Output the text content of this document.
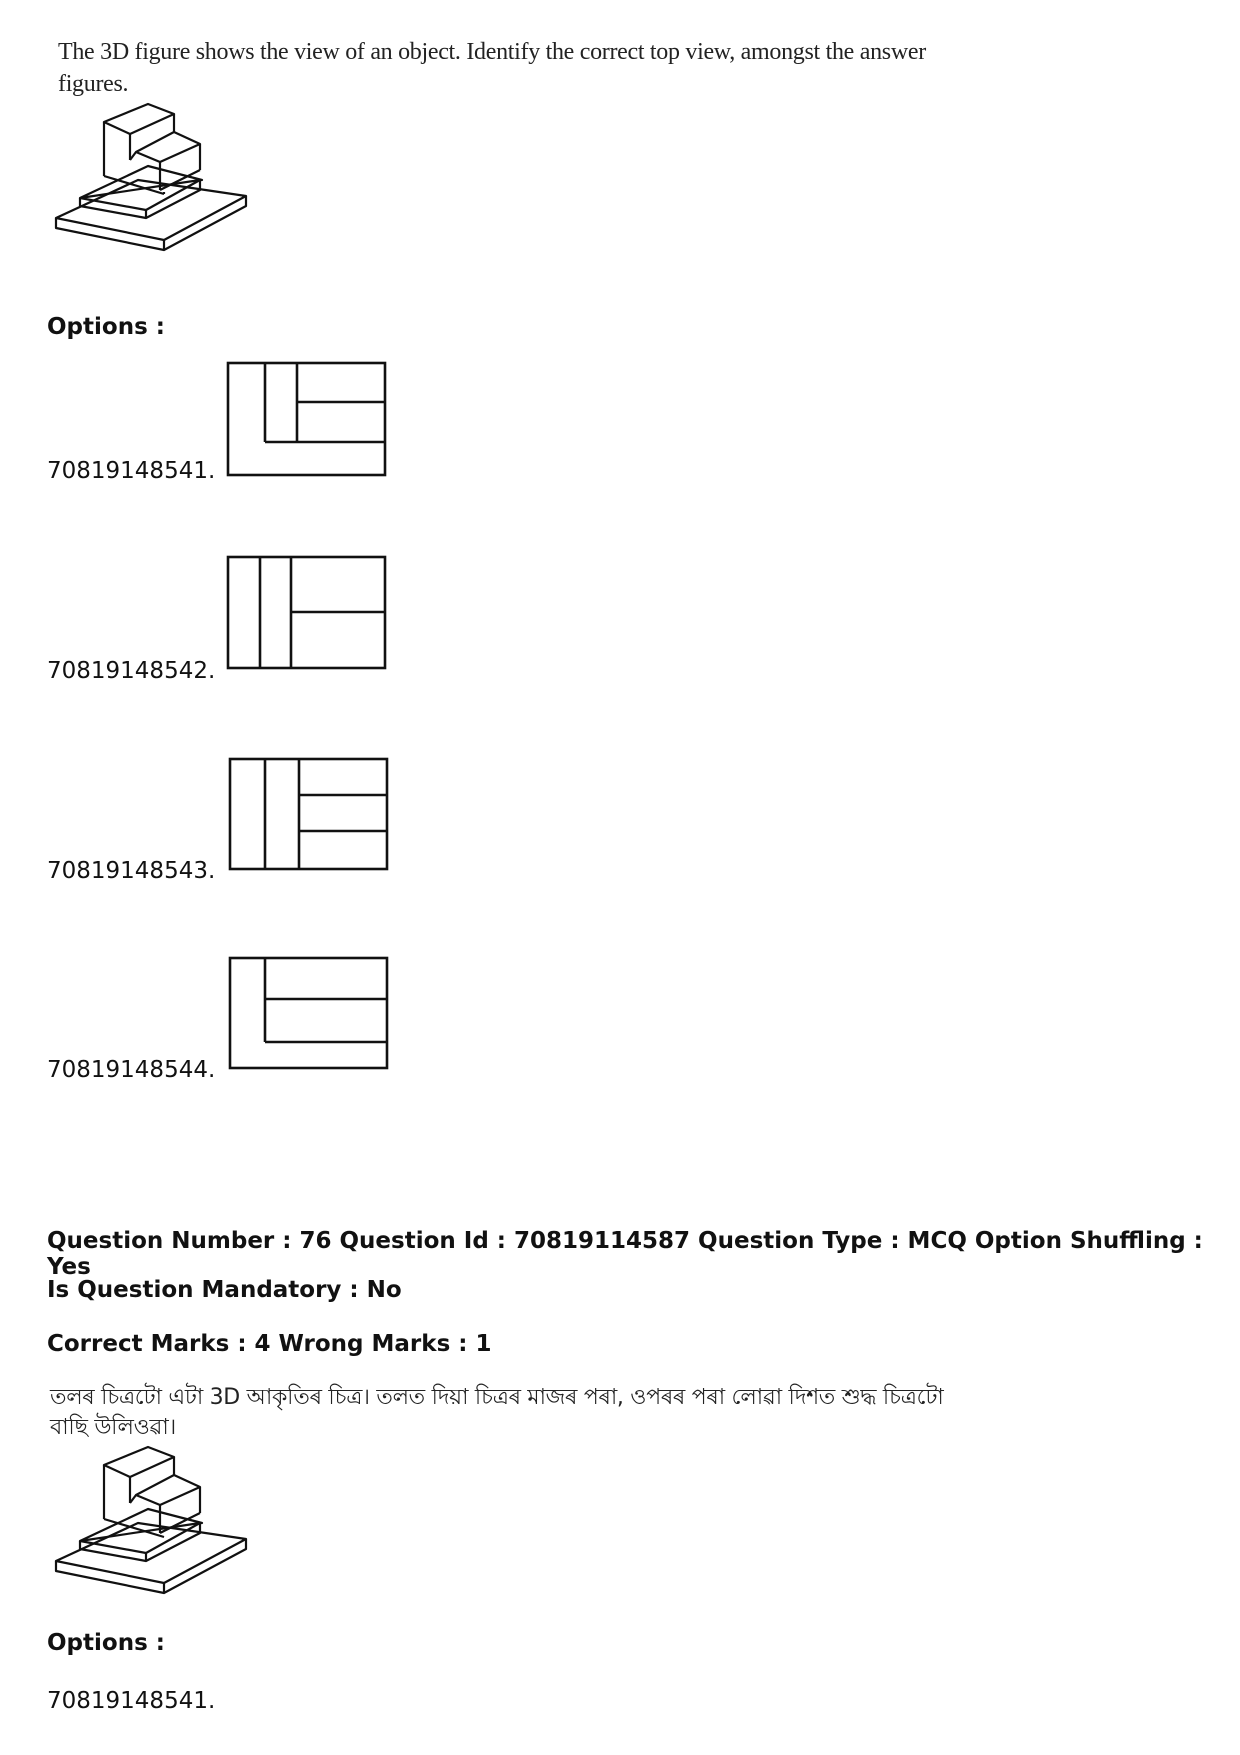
The 3D figure shows the view of an object. Identify the correct top view, amongst the answer figures.
Options :
70819148541.
70819148542.
70819148543.
70819148544.
Question Number : 76 Question Id : 70819114587 Question Type : MCQ Option Shuffling : Yes
Is Question Mandatory : No
Correct Marks : 4 Wrong Marks : 1
তলৰ চিত্ৰটো এটা 3D আকৃতিৰ চিত্ৰ। তলত দিয়া চিত্ৰৰ মাজৰ পৰা, ওপৰৰ পৰা লোৱা দিশত শুদ্ধ চিত্ৰটো বাছি উলিওৱা।
Options :
70819148541.
